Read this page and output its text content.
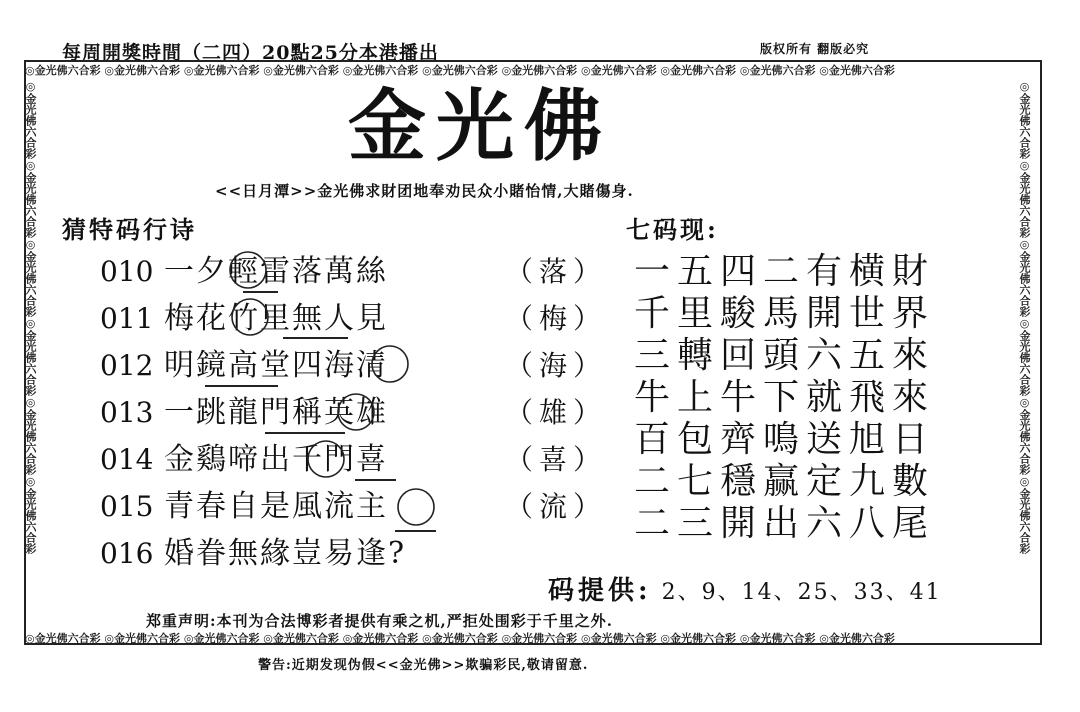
每周開獎時間（二四）20點25分本港播出	版权所有 翻版必究
◎金光佛六合彩 ◎金光佛六合彩 ◎金光佛六合彩 ◎金光佛六合彩 ◎金光佛六合彩 ◎金光佛六合彩 ◎金光佛六合彩 ◎金光佛六合彩 ◎金光佛六合彩 ◎金光佛六合彩 ◎金光佛六合彩
◎金光佛六合彩 ◎金光佛六合彩 ◎金光佛六合彩 ◎金光佛六合彩 ◎金光佛六合彩 ◎金光佛六合彩 ◎金光佛六合彩 ◎金光佛六合彩 ◎金光佛六合彩 ◎金光佛六合彩 ◎金光佛六合彩
◎金光佛六合彩◎金光佛六合彩◎金光佛六合彩◎金光佛六合彩◎金光佛六合彩◎金光佛六合彩	◎金光佛六合彩◎金光佛六合彩◎金光佛六合彩◎金光佛六合彩◎金光佛六合彩◎金光佛六合彩
金光佛
<<日月潭>>金光佛求財团地奉劝民众小賭怡情,大賭傷身.
猜特码行诗	七码现:
010 一夕輕雷落萬絲	（落）
011 梅花竹里無人見	（梅）
012 明鏡高堂四海清	（海）
013 一跳龍門稱英雄	（雄）
014 金鷄啼出千門喜	（喜）
015 青春自是風流主	（流）
016 婚眷無緣豈易逢?
一五四二有横財
千里駿馬開世界
三轉回頭六五來
牛上牛下就飛來
百包齊鳴送旭日
二七穩赢定九數
二三開出六八尾
码提供: 2、9、14、25、33、41
郑重声明:本刊为合法博彩者提供有乘之机,严拒处围彩于千里之外.
警告:近期发现伪假<<金光佛>>欺骗彩民,敬请留意.
